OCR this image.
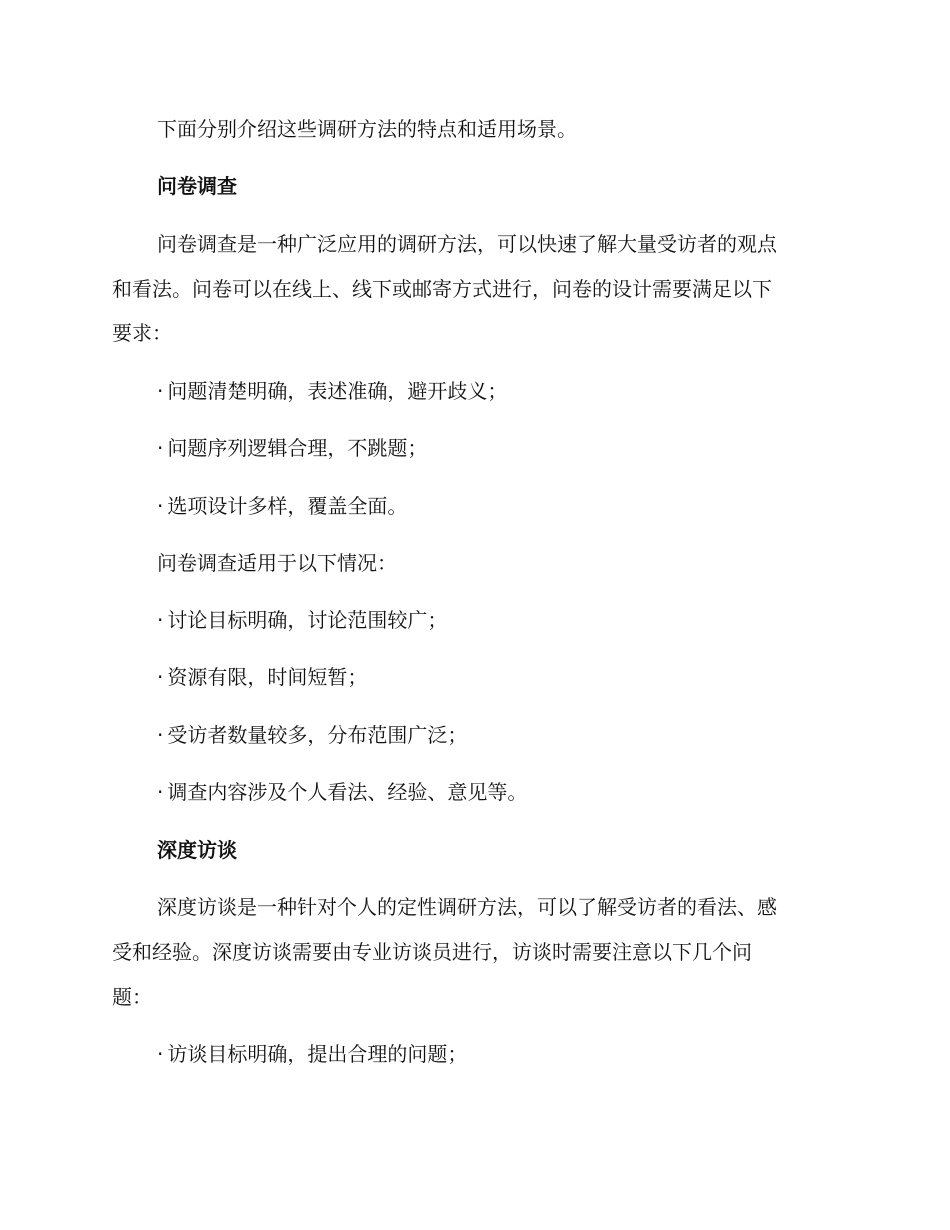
下面分别介绍这些调研方法的特点和适用场景。
问卷调查
问卷调查是一种广泛应用的调研方法，可以快速了解大量受访者的观点
和看法。问卷可以在线上、线下或邮寄方式进行，问卷的设计需要满足以下
要求：
· 问题清楚明确，表述准确，避开歧义；
· 问题序列逻辑合理，不跳题；
· 选项设计多样，覆盖全面。
问卷调查适用于以下情况：
· 讨论目标明确，讨论范围较广；
· 资源有限，时间短暂；
· 受访者数量较多，分布范围广泛；
· 调查内容涉及个人看法、经验、意见等。
深度访谈
深度访谈是一种针对个人的定性调研方法，可以了解受访者的看法、感
受和经验。深度访谈需要由专业访谈员进行，访谈时需要注意以下几个问
题：
· 访谈目标明确，提出合理的问题；
